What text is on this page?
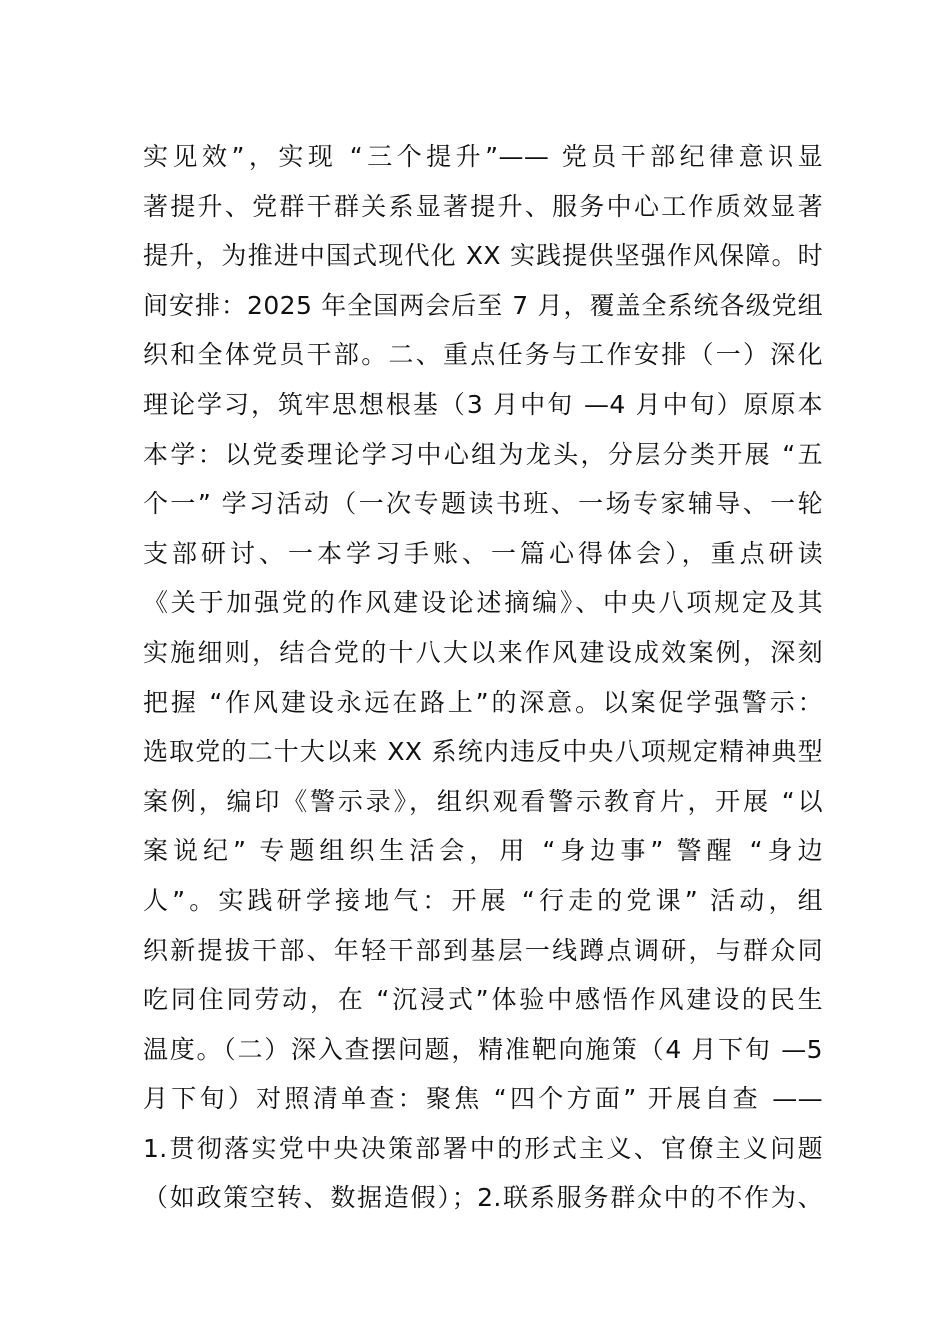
实见效”，实现 “三个提升”—— 党员干部纪律意识显
著提升、党群干群关系显著提升、服务中心工作质效显著
提升，为推进中国式现代化 XX 实践提供坚强作风保障。时
间安排：2025 年全国两会后至 7 月，覆盖全系统各级党组
织和全体党员干部。二、重点任务与工作安排（一）深化
理论学习，筑牢思想根基（3 月中旬 —4 月中旬）原原本
本学：以党委理论学习中心组为龙头，分层分类开展 “五
个一” 学习活动（一次专题读书班、一场专家辅导、一轮
支部研讨、一本学习手账、一篇心得体会），重点研读
《关于加强党的作风建设论述摘编》、中央八项规定及其
实施细则，结合党的十八大以来作风建设成效案例，深刻
把握 “作风建设永远在路上”的深意。以案促学强警示：
选取党的二十大以来 XX 系统内违反中央八项规定精神典型
案例，编印《警示录》，组织观看警示教育片，开展 “以
案说纪” 专题组织生活会，用 “身边事” 警醒 “身边
人”。实践研学接地气：开展 “行走的党课” 活动，组
织新提拔干部、年轻干部到基层一线蹲点调研，与群众同
吃同住同劳动，在 “沉浸式”体验中感悟作风建设的民生
温度。（二）深入查摆问题，精准靶向施策（4 月下旬 —5
月下旬）对照清单查：聚焦 “四个方面” 开展自查 ——
1.贯彻落实党中央决策部署中的形式主义、官僚主义问题
（如政策空转、数据造假）；2.联系服务群众中的不作为、
